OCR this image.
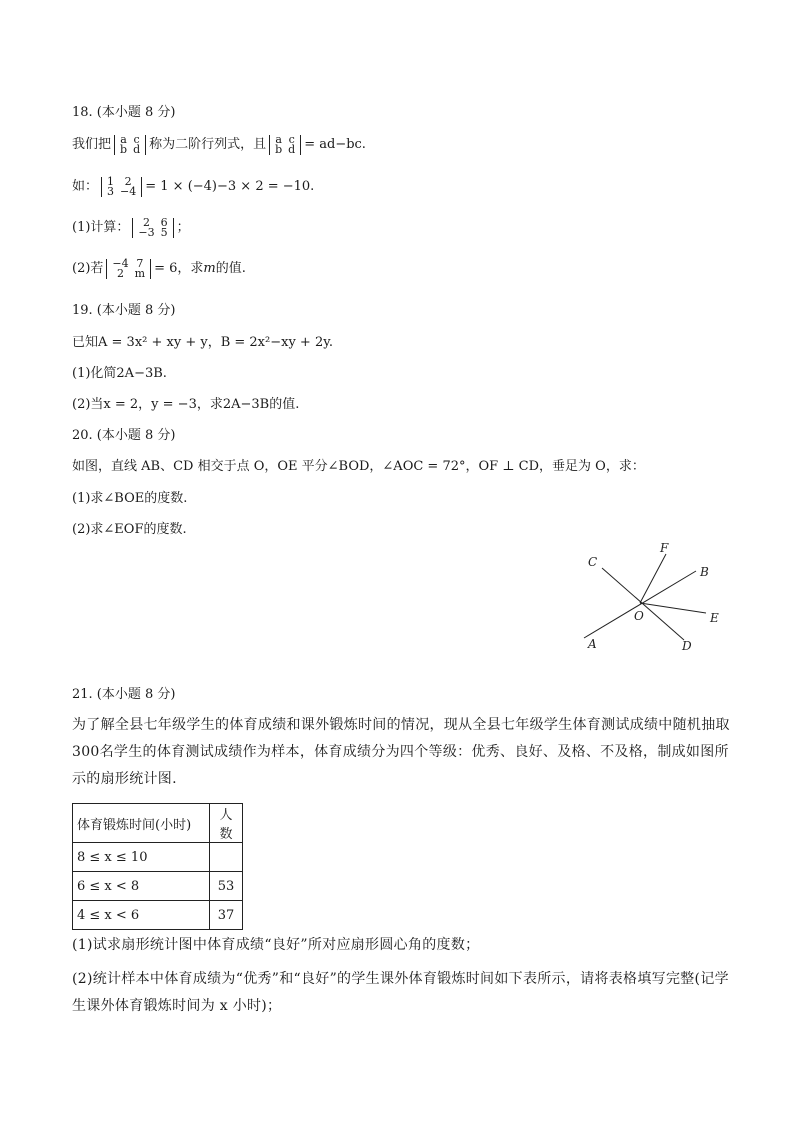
18. (本小题 8 分)
我们把 a	c
b	d 称为二阶行列式，且 a	c
b	d = ad−bc.
如： 1	2
3	−4 = 1 × (−4)−3 × 2 = −10.
(1)计算： 2	6
−3	5 ；
(2)若 −4	7
2	m = 6，求m的值.
19. (本小题 8 分)
已知A = 3x² + xy + y，B = 2x²−xy + 2y.
(1)化简2A−3B.
(2)当x = 2，y = −3，求2A−3B的值.
20. (本小题 8 分)
如图，直线 AB、CD 相交于点 O，OE 平分∠BOD，∠AOC = 72°，OF ⊥ CD，垂足为 O，求：
(1)求∠BOE的度数.
(2)求∠EOF的度数.
C
F
B
O	E
A	D
21. (本小题 8 分)
为了解全县七年级学生的体育成绩和课外锻炼时间的情况，现从全县七年级学生体育测试成绩中随机抽取300名学生的体育测试成绩作为样本，体育成绩分为四个等级：优秀、良好、及格、不及格，制成如图所示的扇形统计图.
体育锻炼时间(小时)	人数
8 ≤ x ≤ 10	
6 ≤ x < 8	53
4 ≤ x < 6	37
(1)试求扇形统计图中体育成绩“良好”所对应扇形圆心角的度数；
(2)统计样本中体育成绩为“优秀”和“良好”的学生课外体育锻炼时间如下表所示，请将表格填写完整(记学生课外体育锻炼时间为 x 小时)；
